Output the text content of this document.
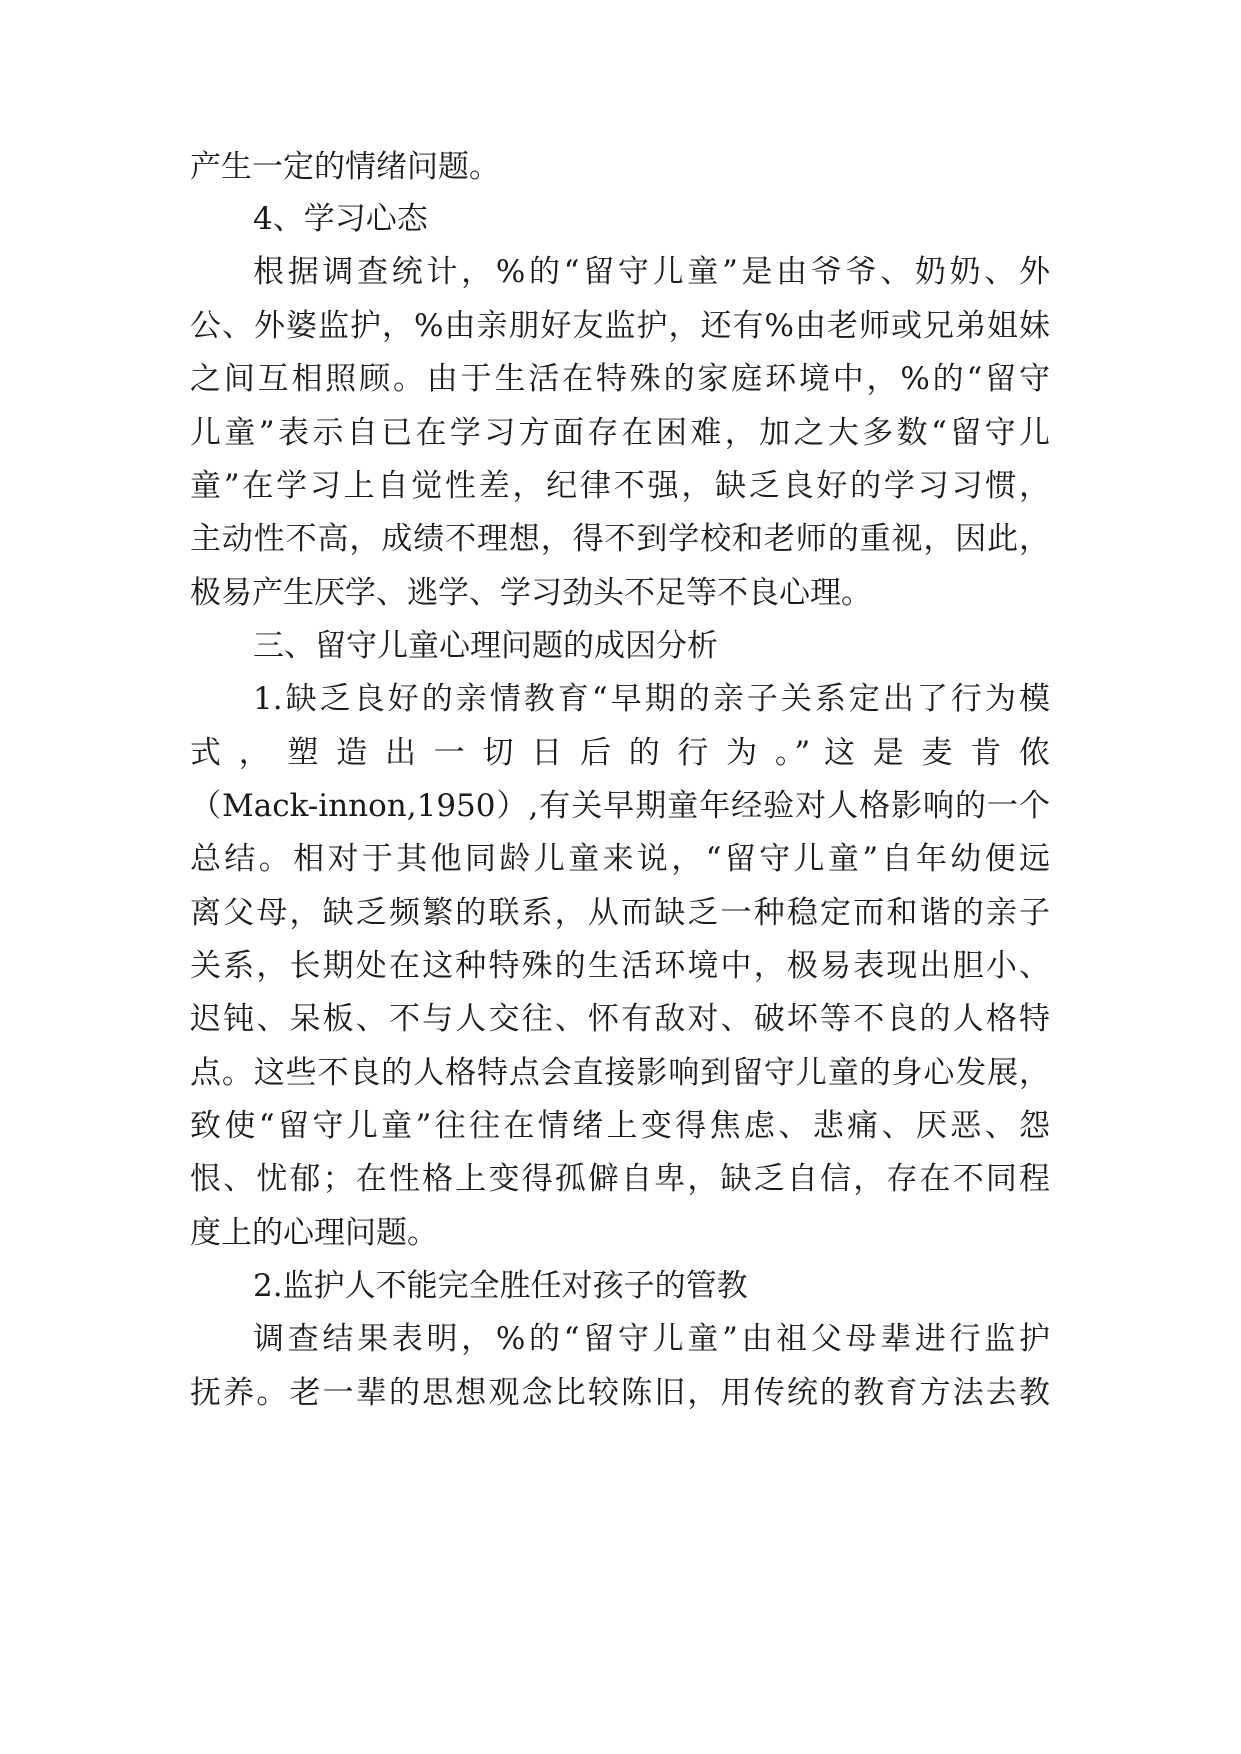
产生一定的情绪问题。
4、学习心态
根据调查统计，%的“留守儿童”是由爷爷、奶奶、外
公、外婆监护，%由亲朋好友监护，还有%由老师或兄弟姐妹
之间互相照顾。由于生活在特殊的家庭环境中，%的“留守
儿童”表示自已在学习方面存在困难，加之大多数“留守儿
童”在学习上自觉性差，纪律不强，缺乏良好的学习习惯，
主动性不高，成绩不理想，得不到学校和老师的重视，因此，
极易产生厌学、逃学、学习劲头不足等不良心理。
三、留守儿童心理问题的成因分析
1.缺乏良好的亲情教育“早期的亲子关系定出了行为模
式 ， 塑 造 出 一 切 日 后 的 行 为 。” 这 是 麦 肯 侬
（Mack-innon,1950）,有关早期童年经验对人格影响的一个
总结。相对于其他同龄儿童来说，“留守儿童”自年幼便远
离父母，缺乏频繁的联系，从而缺乏一种稳定而和谐的亲子
关系，长期处在这种特殊的生活环境中，极易表现出胆小、
迟钝、呆板、不与人交往、怀有敌对、破坏等不良的人格特
点。这些不良的人格特点会直接影响到留守儿童的身心发展，
致使“留守儿童”往往在情绪上变得焦虑、悲痛、厌恶、怨
恨、忧郁；在性格上变得孤僻自卑，缺乏自信，存在不同程
度上的心理问题。
2.监护人不能完全胜任对孩子的管教
调查结果表明，%的“留守儿童”由祖父母辈进行监护
抚养。老一辈的思想观念比较陈旧，用传统的教育方法去教
